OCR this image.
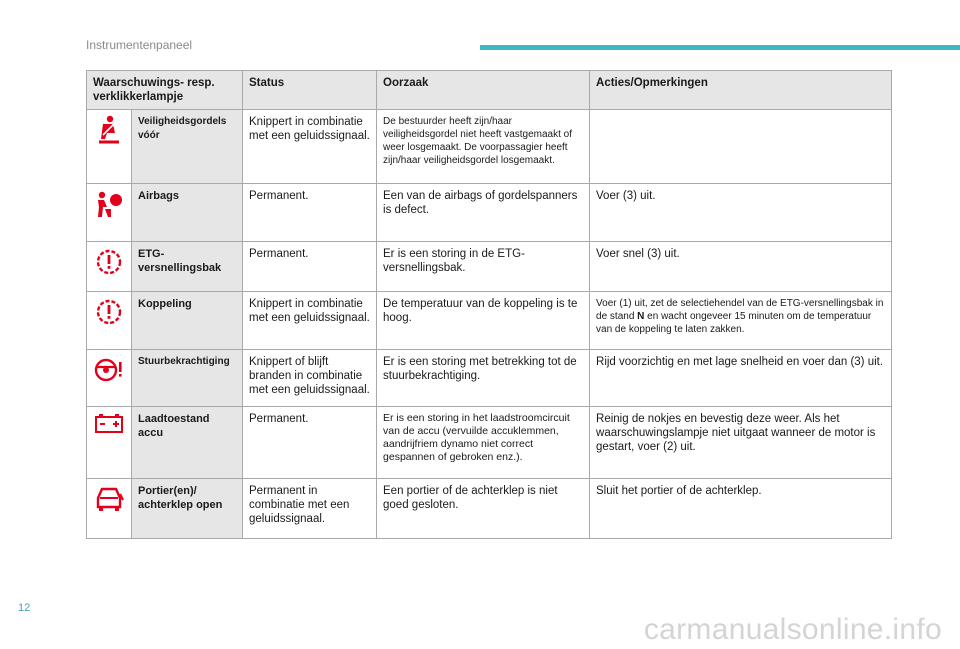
Instrumentenpaneel
Waarschuwings- resp. verklikkerlampje		Status	Oorzaak	Acties/Opmerkingen

	Veiligheidsgordels vóór	Knippert in combinatie met een geluidssignaal.	De bestuurder heeft zijn/haar veiligheidsgordel niet heeft vastgemaakt of weer losgemaakt. De voorpassagier heeft zijn/haar veiligheidsgordel losgemaakt.	

	Airbags	Permanent.	Een van de airbags of gordelspanners is defect.	Voer (3) uit.

	ETG-versnellingsbak	Permanent.	Er is een storing in de ETG-versnellingsbak.	Voer snel (3) uit.

	Koppeling	Knippert in combinatie met een geluidssignaal.	De temperatuur van de koppeling is te hoog.	Voer (1) uit, zet de selectiehendel van de ETG-versnellingsbak in de stand N en wacht ongeveer 15 minuten om de temperatuur van de koppeling te laten zakken.

	Stuurbekrachtiging	Knippert of blijft branden in combinatie met een geluidssignaal.	Er is een storing met betrekking tot de stuurbekrachtiging.	Rijd voorzichtig en met lage snelheid en voer dan (3) uit.

	Laadtoestand accu	Permanent.	Er is een storing in het laadstroomcircuit van de accu (vervuilde accuklemmen, aandrijfriem dynamo niet correct gespannen of gebroken enz.).	Reinig de nokjes en bevestig deze weer. Als het waarschuwingslampje niet uitgaat wanneer de motor is gestart, voer (2) uit.

	Portier(en)/ achterklep open	Permanent in combinatie met een geluidssignaal.	Een portier of de achterklep is niet goed gesloten.	Sluit het portier of de achterklep.
12
carmanualsonline.info
